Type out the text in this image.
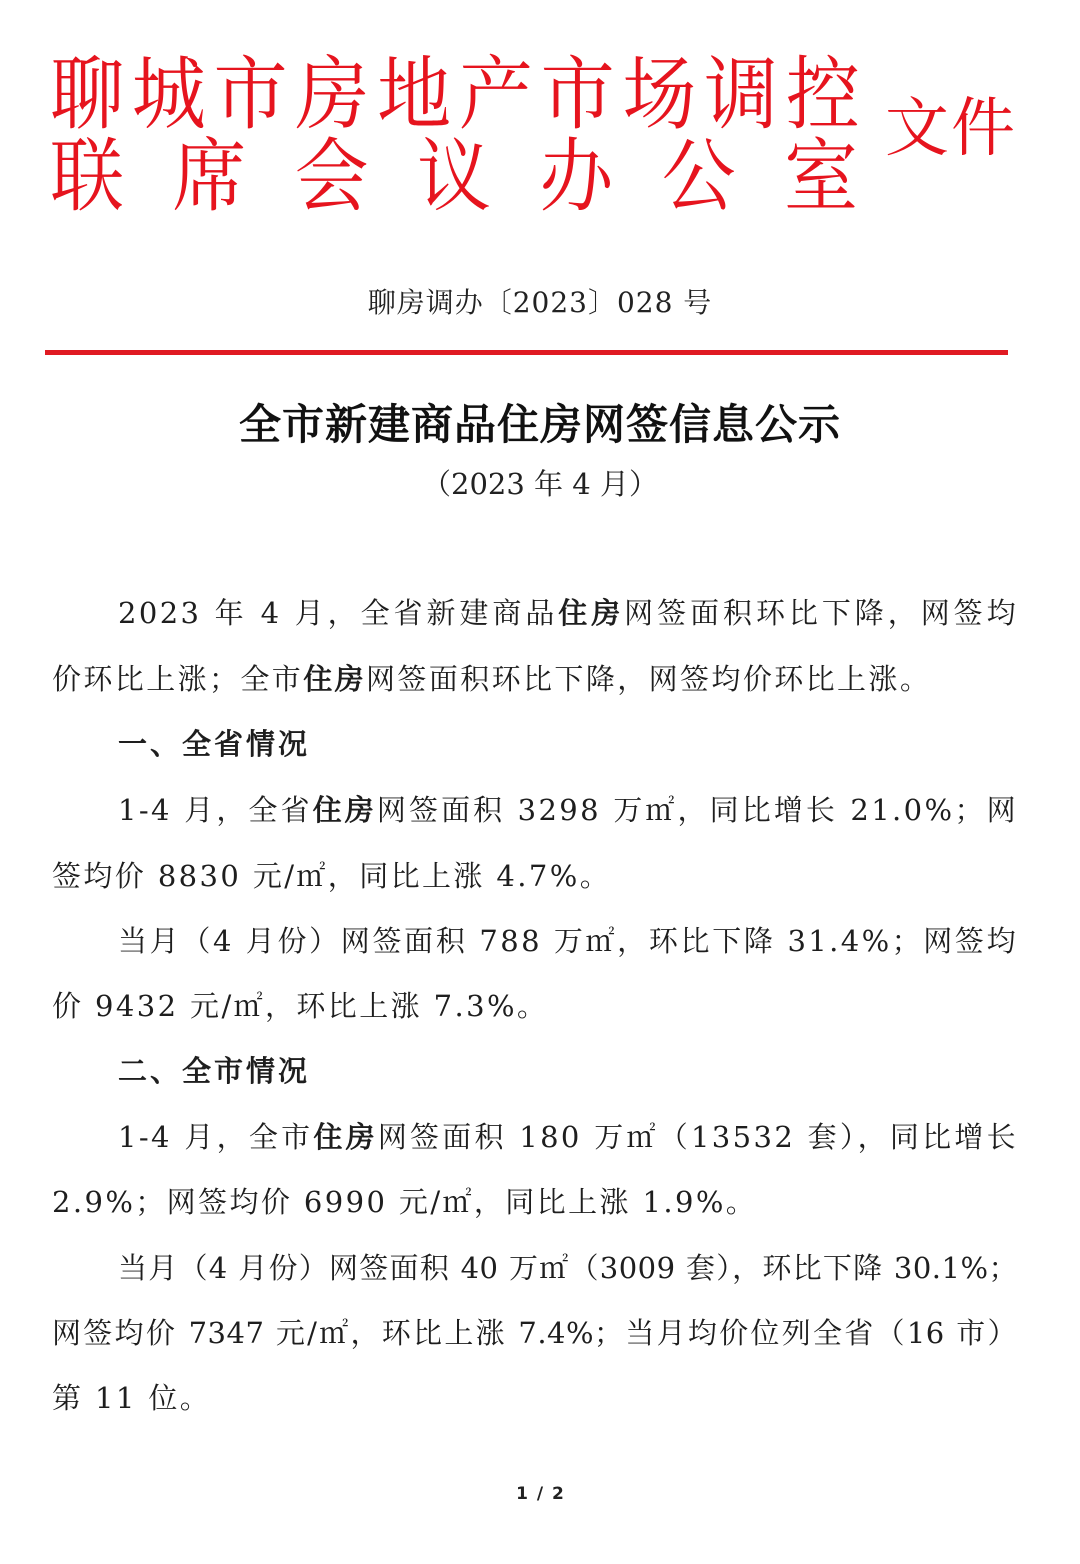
聊 城 市 房 地 产 市 场 调 控
联 席 会 议 办 公 室
文件
聊房调办〔2023〕028 号
全市新建商品住房网签信息公示
（2023 年 4 月）
2023 年 4 月，全省新建商品住房网签面积环比下降，网签均
价环比上涨；全市住房网签面积环比下降，网签均价环比上涨。
一、全省情况
1-4 月，全省住房网签面积 3298 万㎡，同比增长 21.0%；网
签均价 8830 元/㎡，同比上涨 4.7%。
当月（4 月份）网签面积 788 万㎡，环比下降 31.4%；网签均
价 9432 元/㎡，环比上涨 7.3%。
二、全市情况
1-4 月，全市住房网签面积 180 万㎡（13532 套），同比增长
2.9%；网签均价 6990 元/㎡，同比上涨 1.9%。
当月（4 月份）网签面积 40 万㎡（3009 套），环比下降 30.1%；
网签均价 7347 元/㎡，环比上涨 7.4%；当月均价位列全省（16 市）
第 11 位。
1 / 2
